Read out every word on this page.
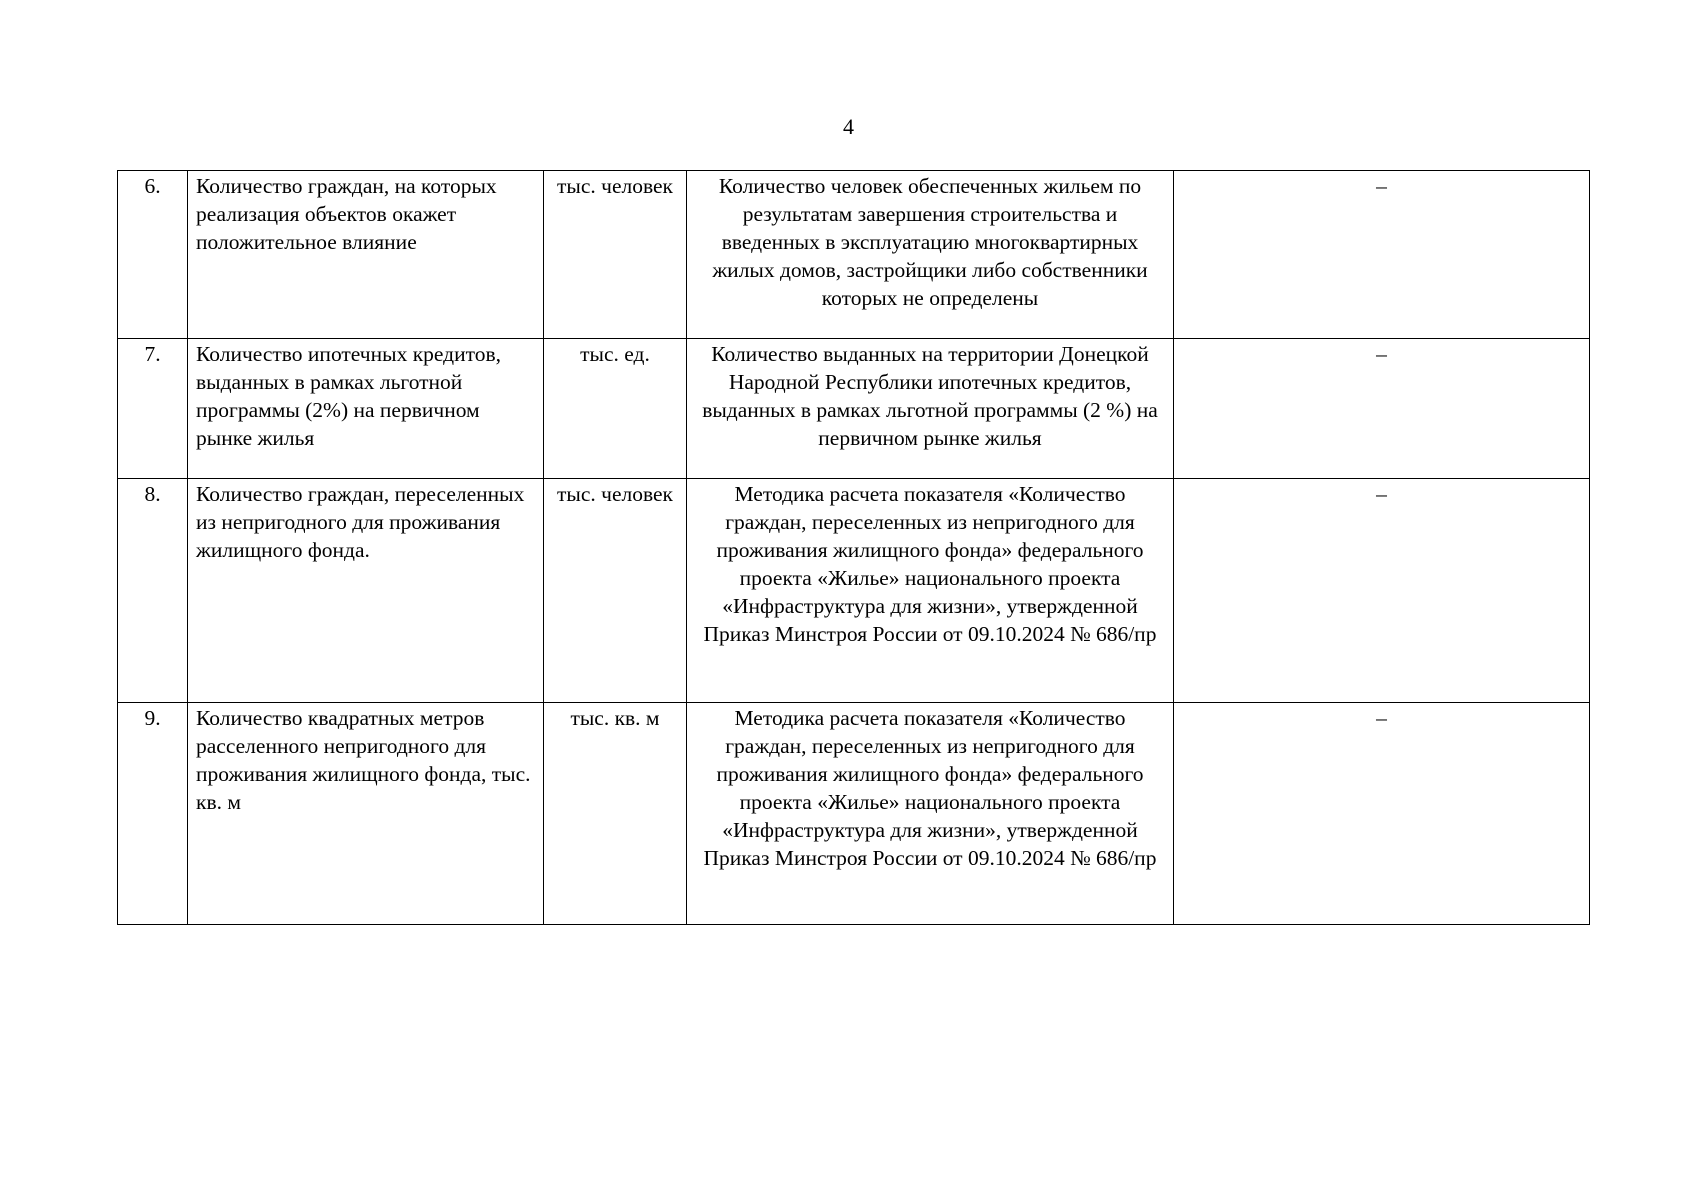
4
6.	Количество граждан, на которых реализация объектов окажет положительное влияние	тыс. человек	Количество человек обеспеченных жильем по результатам завершения строительства и введенных в эксплуатацию многоквартирных жилых домов, застройщики либо собственники которых не определены	–
7.	Количество ипотечных кредитов, выданных в рамках льготной программы (2%) на первичном рынке жилья	тыс. ед.	Количество выданных на территории Донецкой Народной Республики ипотечных кредитов, выданных в рамках льготной программы (2 %) на первичном рынке жилья	–
8.	Количество граждан, переселенных из непригодного для проживания жилищного фонда.	тыс. человек	Методика расчета показателя «Количество граждан, переселенных из непригодного для проживания жилищного фонда» федерального проекта «Жилье» национального проекта «Инфраструктура для жизни», утвержденной Приказ Минстроя России от 09.10.2024 № 686/пр	–
9.	Количество квадратных метров расселенного непригодного для проживания жилищного фонда, тыс. кв. м	тыс. кв. м	Методика расчета показателя «Количество граждан, переселенных из непригодного для проживания жилищного фонда» федерального проекта «Жилье» национального проекта «Инфраструктура для жизни», утвержденной Приказ Минстроя России от 09.10.2024 № 686/пр	–
